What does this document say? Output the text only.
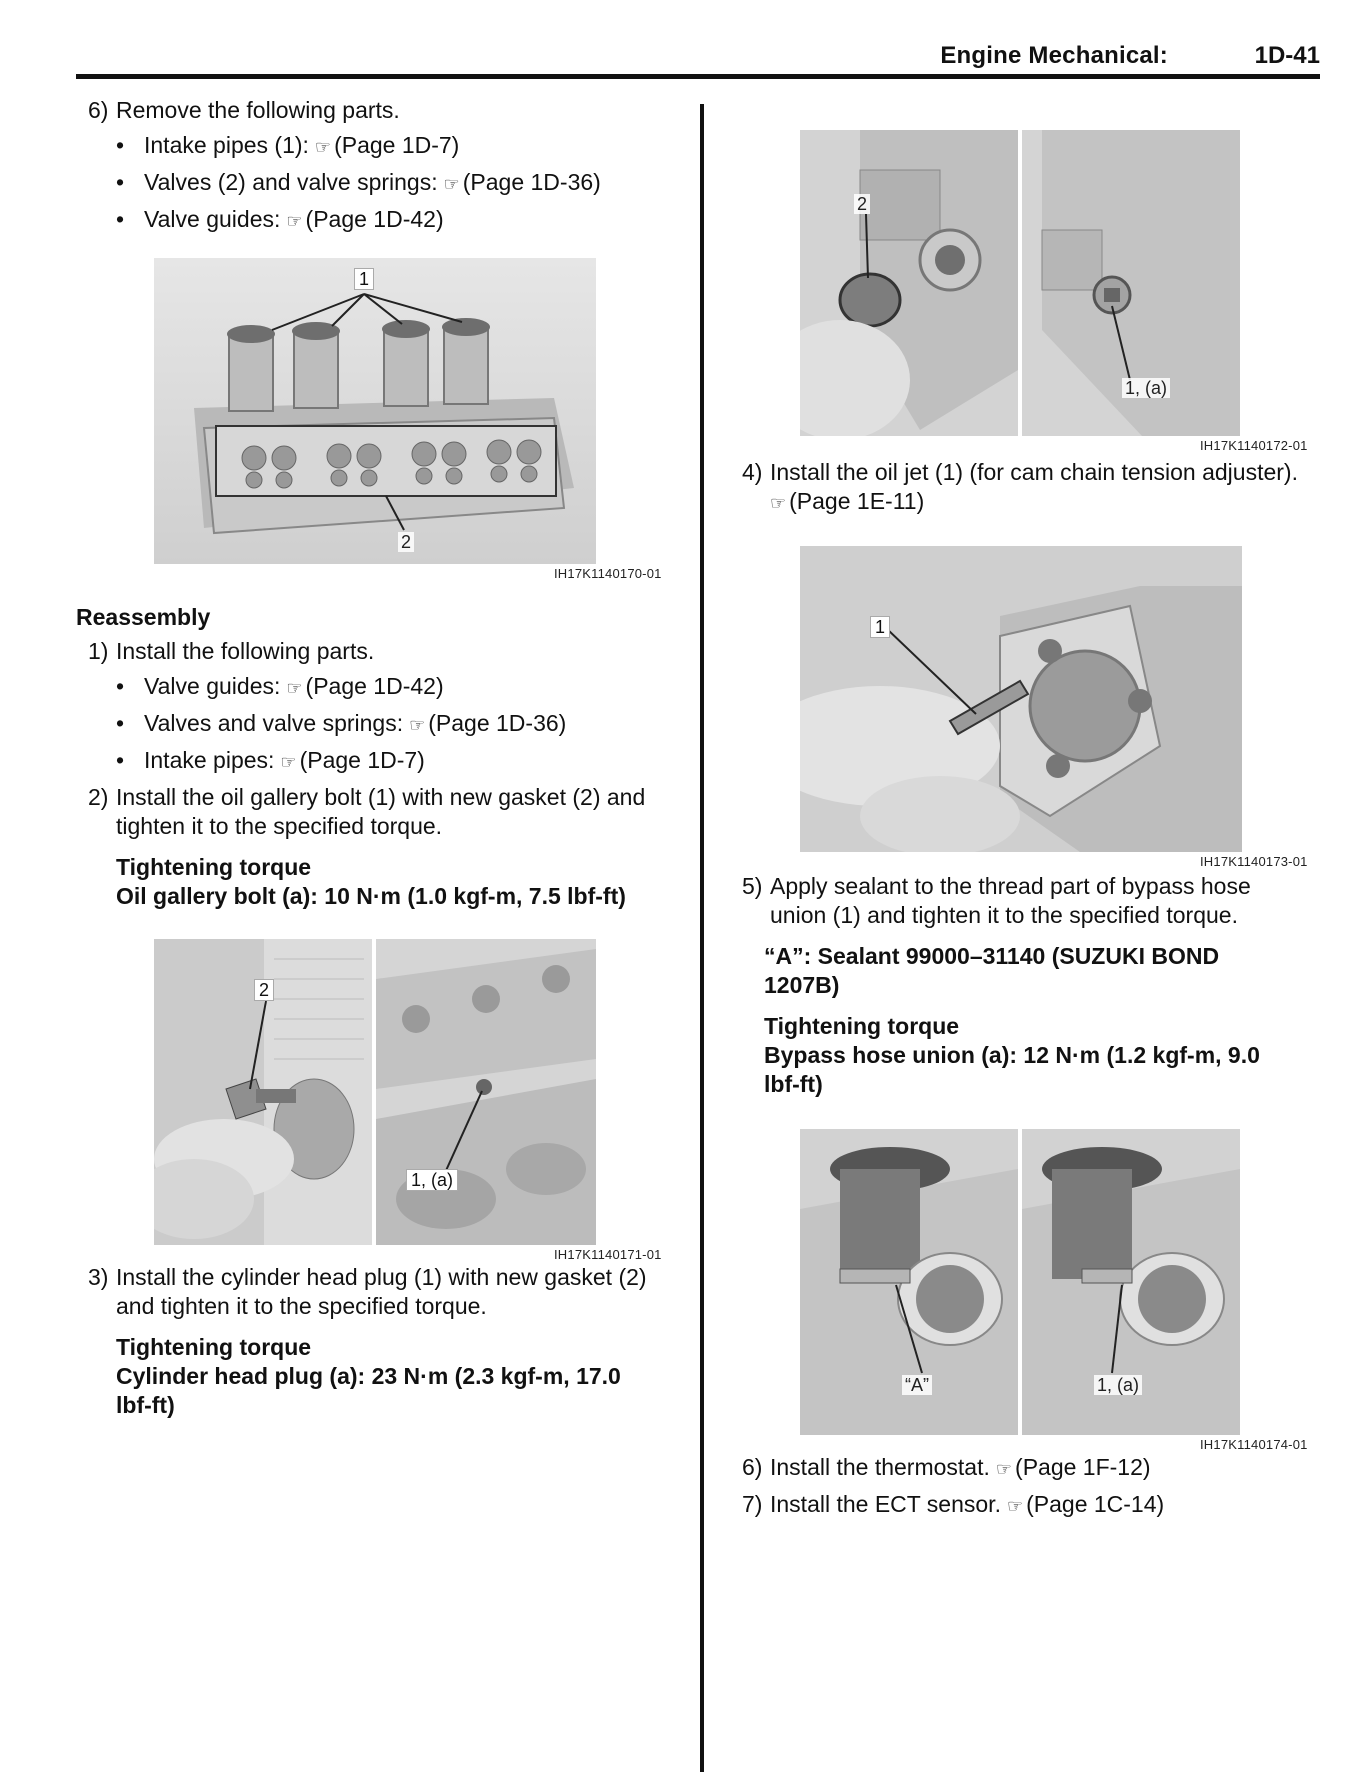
Engine Mechanical:	1D-41

6) Remove the following parts.

• Intake pipes (1): ☞ (Page 1D-7)
• Valves (2) and valve springs: ☞ (Page 1D-36)
• Valve guides: ☞ (Page 1D-42)
1
2
IH17K1140170-01

Reassembly

1) Install the following parts.

• Valve guides: ☞ (Page 1D-42)
• Valves and valve springs: ☞ (Page 1D-36)
• Intake pipes: ☞ (Page 1D-7)

2) Install the oil gallery bolt (1) with new gasket (2) and
tighten it to the specified torque.

Tightening torque

Oil gallery bolt (a): 10 N·m (1.0 kgf-m, 7.5 lbf-ft)

2
1, (a)
IH17K1140171-01

3) Install the cylinder head plug (1) with new gasket (2)
and tighten it to the specified torque.

Tightening torque

Cylinder head plug (a): 23 N·m (2.3 kgf-m, 17.0

lbf-ft)

2
1, (a)
IH17K1140172-01

4) Install the oil jet (1) (for cam chain tension adjuster).
☞ (Page 1E-11)

1
IH17K1140173-01

5) Apply sealant to the thread part of bypass hose
union (1) and tighten it to the specified torque.

“A”: Sealant 99000–31140 (SUZUKI BOND
1207B)

Tightening torque

Bypass hose union (a): 12 N·m (1.2 kgf-m, 9.0

lbf-ft)

“A”	1, (a)
IH17K1140174-01

6) Install the thermostat. ☞ (Page 1F-12)

7) Install the ECT sensor. ☞ (Page 1C-14)
